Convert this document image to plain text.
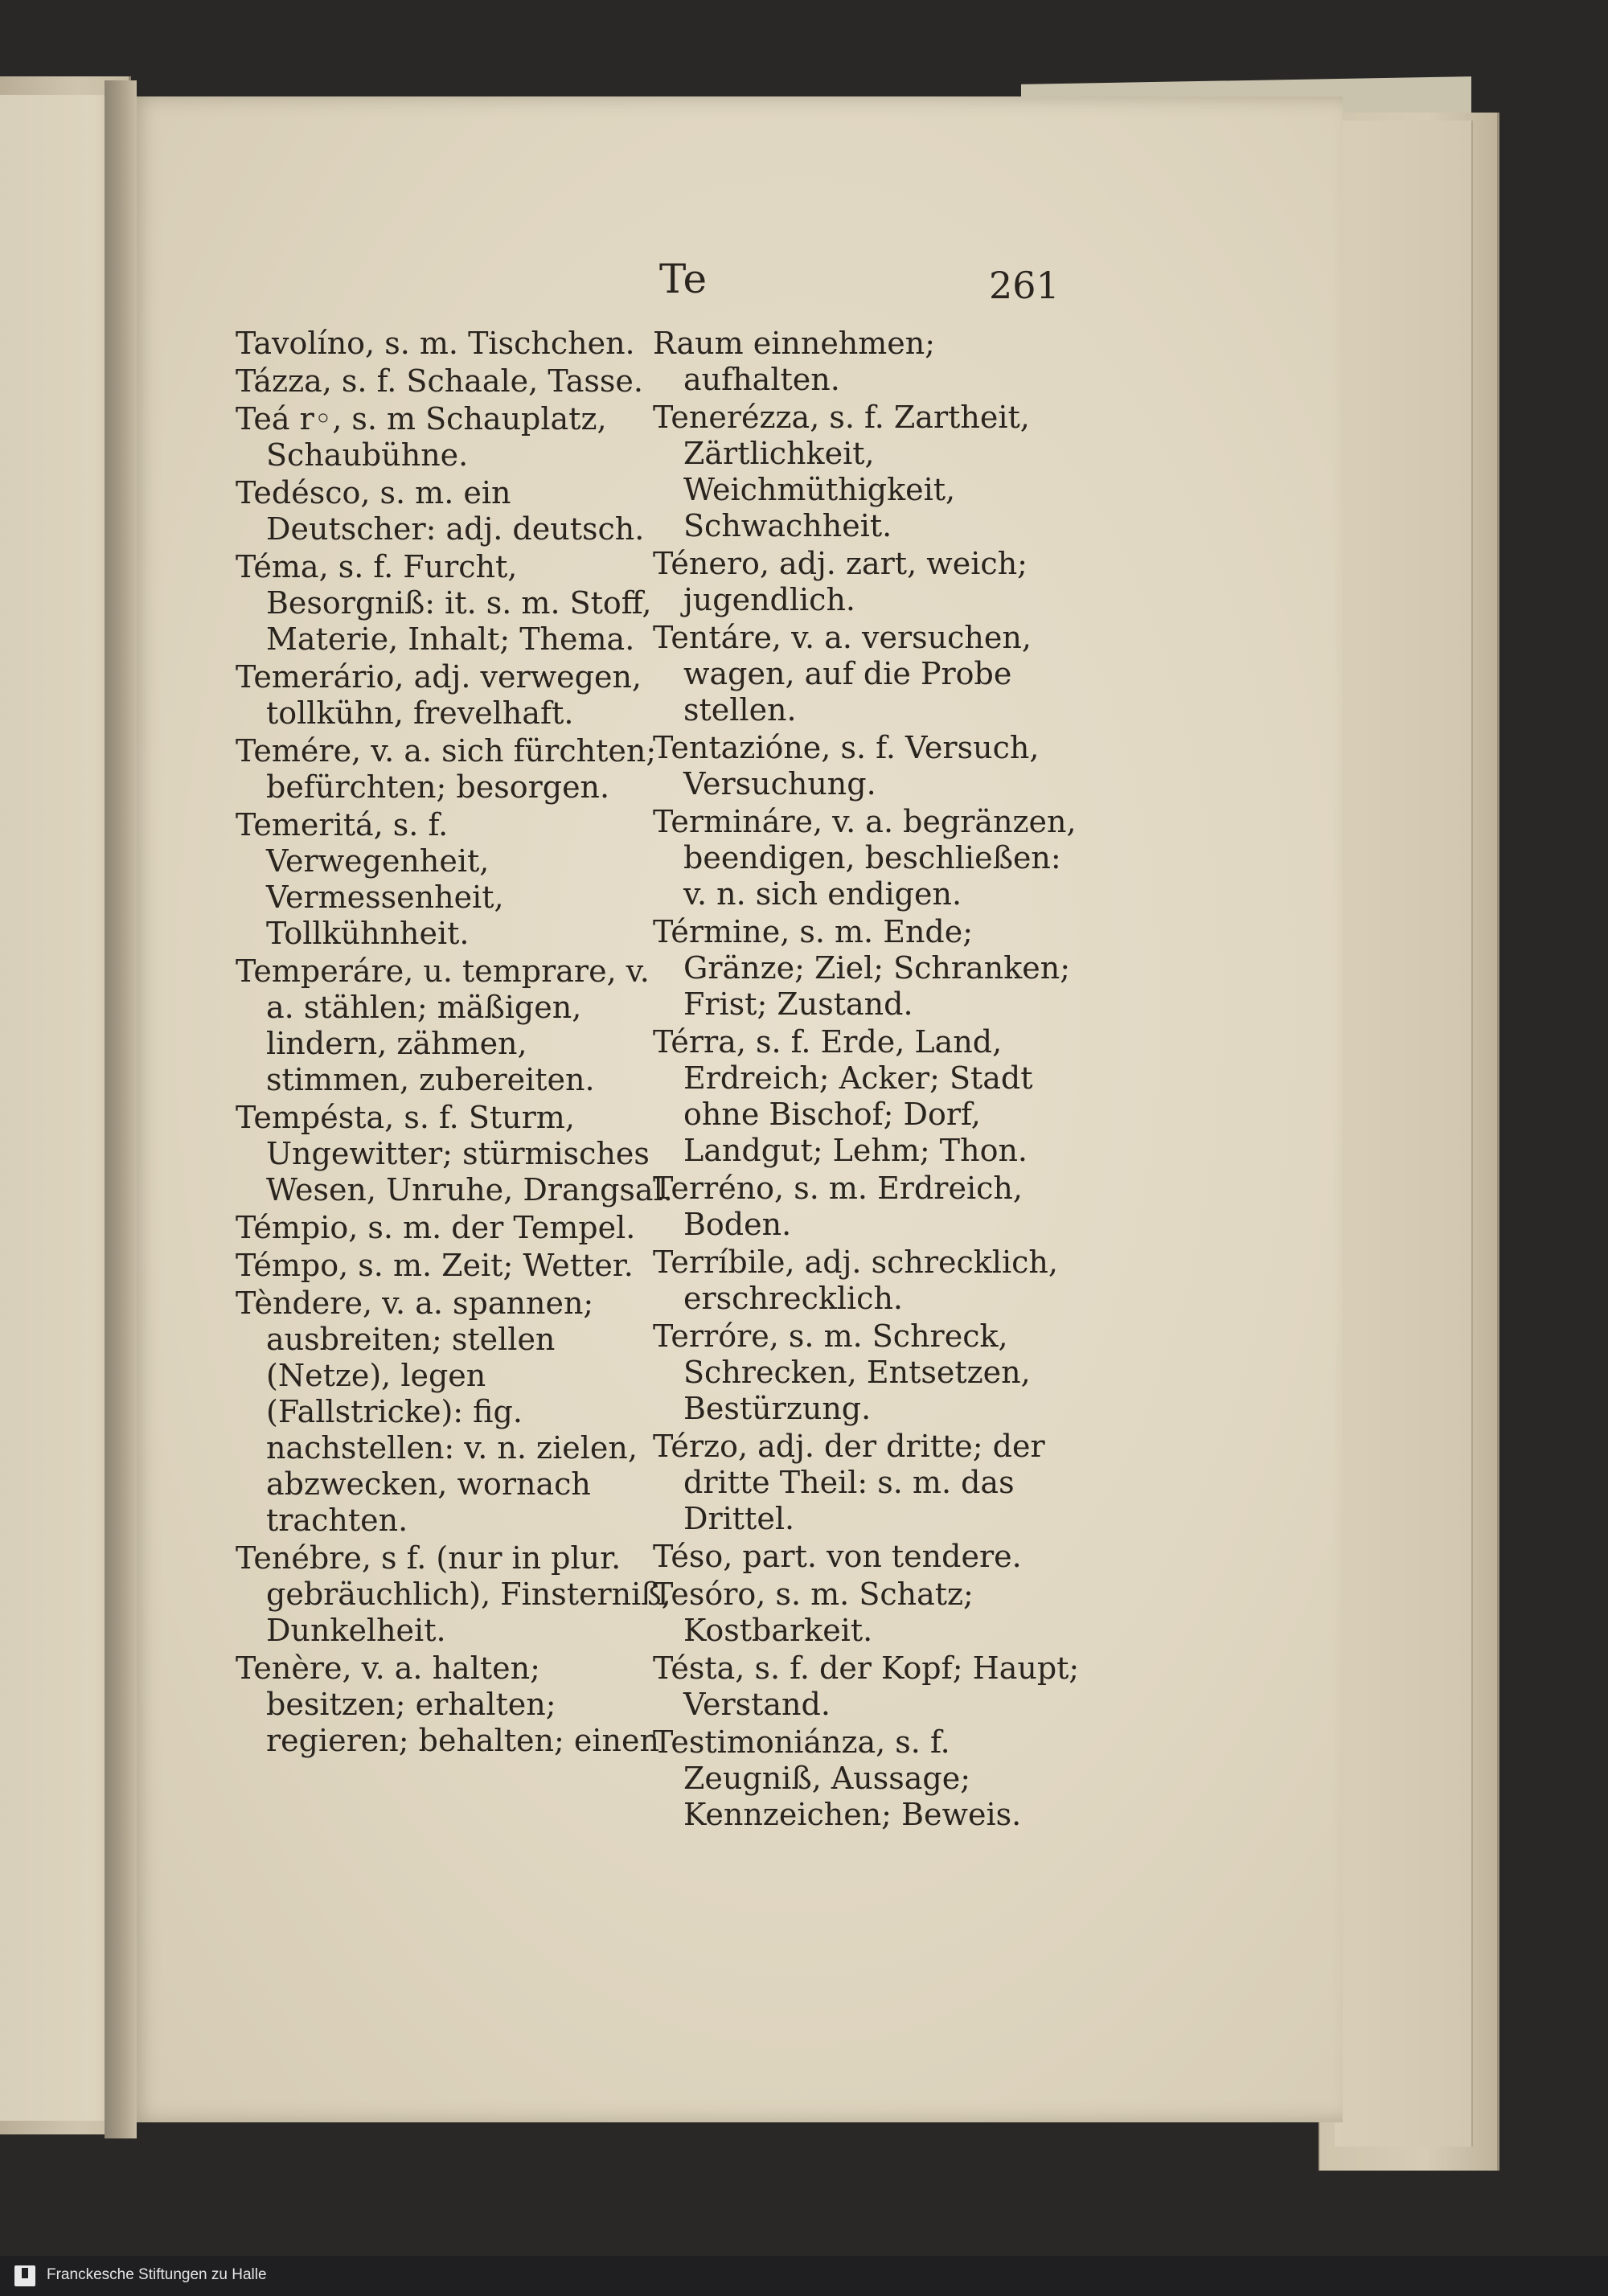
Te	261
Tavolíno, s. m. Tischchen.
Tázza, s. f. Schaale, Tasse.
Teá r◦, s. m Schauplatz, Schaubühne.
Tedésco, s. m. ein Deutscher: adj. deutsch.
Téma, s. f. Furcht, Besorgniß: it. s. m. Stoff, Materie, Inhalt; Thema.
Temerário, adj. verwegen, tollkühn, frevelhaft.
Temére, v. a. sich fürchten; befürchten; besorgen.
Temeritá, s. f. Verwegenheit, Vermessenheit, Tollkühnheit.
Temperáre, u. temprare, v. a. stählen; mäßigen, lindern, zähmen, stimmen, zubereiten.
Tempésta, s. f. Sturm, Ungewitter; stürmisches Wesen, Unruhe, Drangsal.
Témpio, s. m. der Tempel.
Témpo, s. m. Zeit; Wetter.
Tèndere, v. a. spannen; ausbreiten; stellen (Netze), legen (Fallstricke): fig. nachstellen: v. n. zielen, abzwecken, wornach trachten.
Tenébre, s f. (nur in plur. gebräuchlich), Finsterniß, Dunkelheit.
Tenère, v. a. halten; besitzen; erhalten; regieren; behalten; einen
Raum einnehmen; aufhalten.
Tenerézza, s. f. Zartheit, Zärtlichkeit, Weichmüthigkeit, Schwachheit.
Ténero, adj. zart, weich; jugendlich.
Tentáre, v. a. versuchen, wagen, auf die Probe stellen.
Tentazióne, s. f. Versuch, Versuchung.
Termináre, v. a. begränzen, beendigen, beschließen: v. n. sich endigen.
Términe, s. m. Ende; Gränze; Ziel; Schranken; Frist; Zustand.
Térra, s. f. Erde, Land, Erdreich; Acker; Stadt ohne Bischof; Dorf, Landgut; Lehm; Thon.
Terréno, s. m. Erdreich, Boden.
Terríbile, adj. schrecklich, erschrecklich.
Terróre, s. m. Schreck, Schrecken, Entsetzen, Bestürzung.
Térzo, adj. der dritte; der dritte Theil: s. m. das Drittel.
Téso, part. von tendere.
Tesóro, s. m. Schatz; Kostbarkeit.
Tésta, s. f. der Kopf; Haupt; Verstand.
Testimoniánza, s. f. Zeugniß, Aussage; Kennzeichen; Beweis.
Franckesche Stiftungen zu Halle
